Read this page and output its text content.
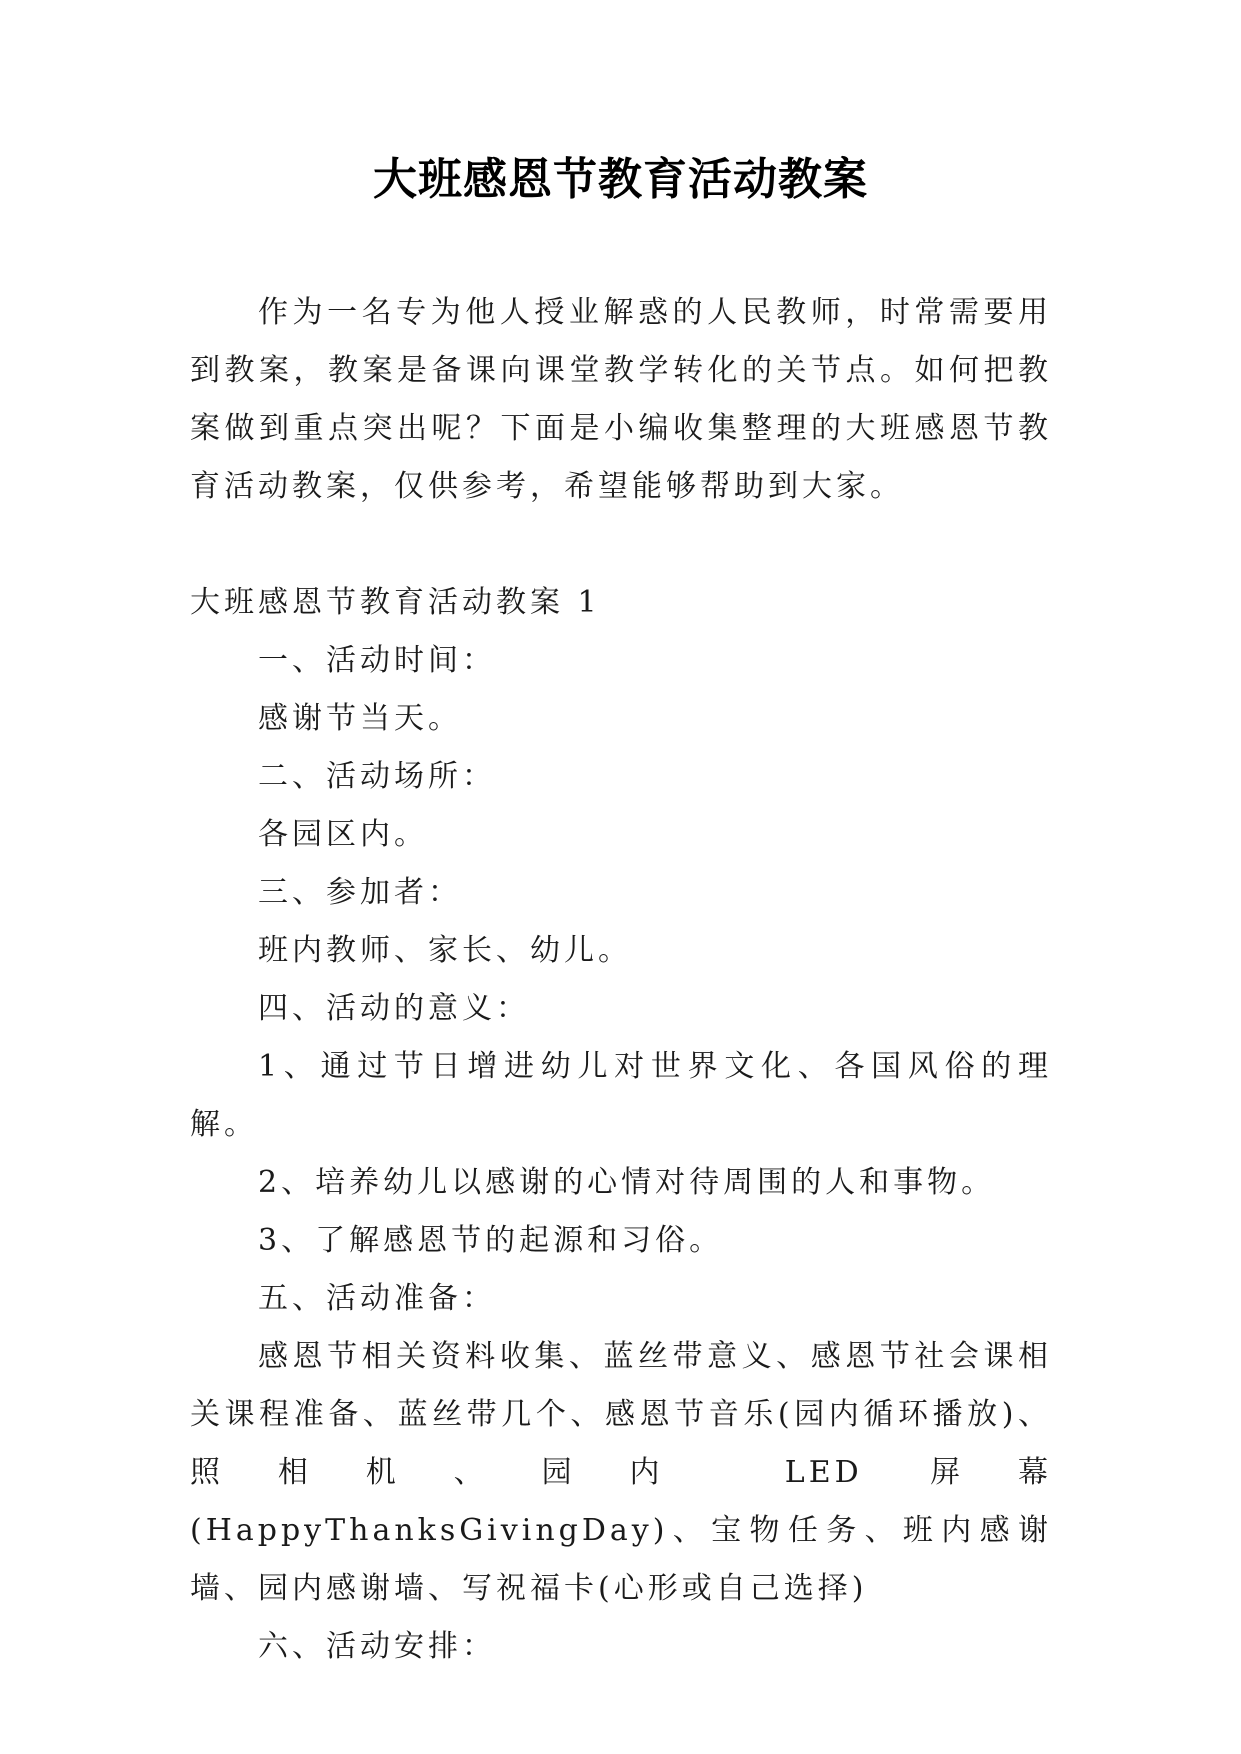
大班感恩节教育活动教案

作为一名专为他人授业解惑的人民教师，时常需要用到教案，教案是备课向课堂教学转化的关节点。如何把教案做到重点突出呢？下面是小编收集整理的大班感恩节教育活动教案，仅供参考，希望能够帮助到大家。

大班感恩节教育活动教案 1

一、活动时间：

感谢节当天。

二、活动场所：

各园区内。

三、参加者：

班内教师、家长、幼儿。

四、活动的意义：

1、通过节日增进幼儿对世界文化、各国风俗的理解。

2、培养幼儿以感谢的心情对待周围的人和事物。

3、了解感恩节的起源和习俗。

五、活动准备：

感恩节相关资料收集、蓝丝带意义、感恩节社会课相关课程准备、蓝丝带几个、感恩节音乐(园内循环播放)、照相机、园内 LED 屏幕(HappyThanksGivingDay)、宝物任务、班内感谢墙、园内感谢墙、写祝福卡(心形或自己选择)

六、活动安排：
